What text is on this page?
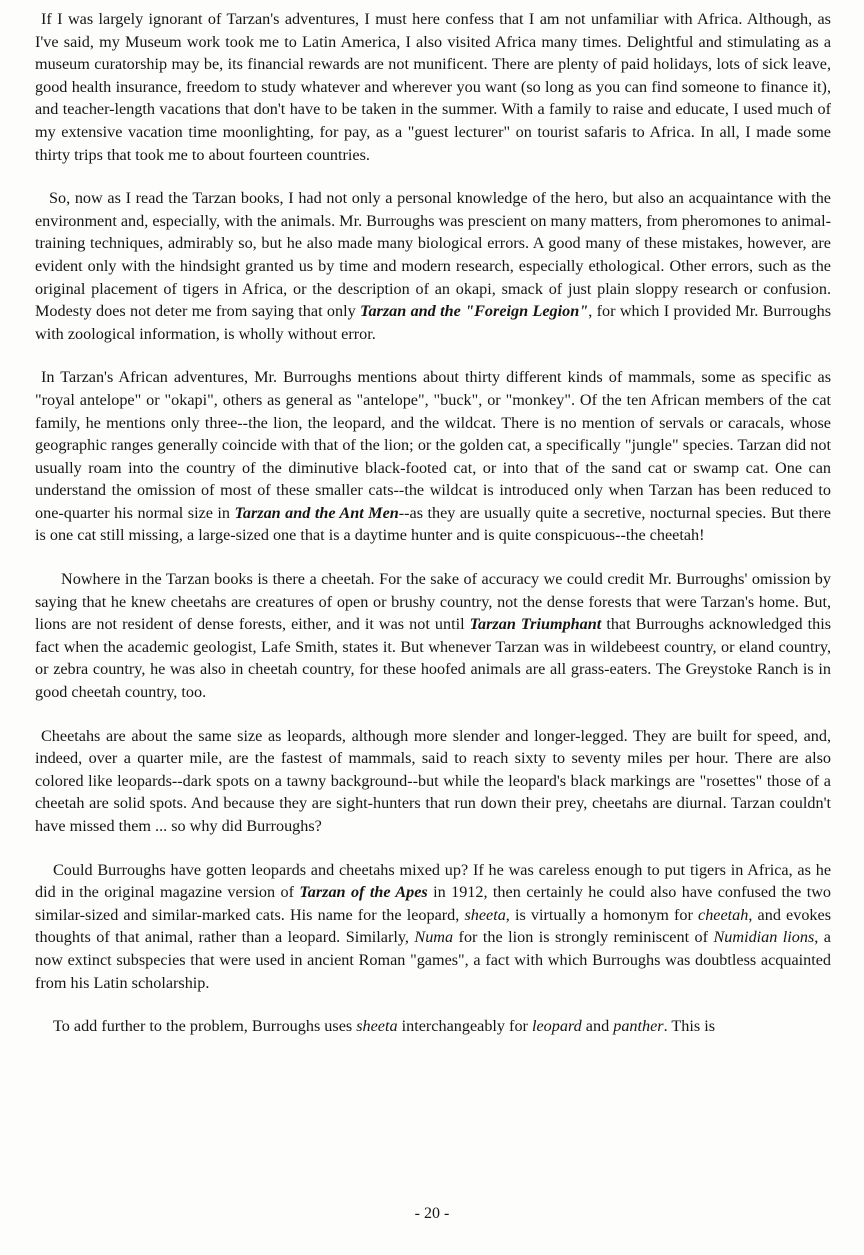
If I was largely ignorant of Tarzan's adventures, I must here confess that I am not unfamiliar with Africa. Although, as I've said, my Museum work took me to Latin America, I also visited Africa many times. Delightful and stimulating as a museum curatorship may be, its financial rewards are not munificent. There are plenty of paid holidays, lots of sick leave, good health insurance, freedom to study whatever and wherever you want (so long as you can find someone to finance it), and teacher-length vacations that don't have to be taken in the summer. With a family to raise and educate, I used much of my extensive vacation time moonlighting, for pay, as a "guest lecturer" on tourist safaris to Africa. In all, I made some thirty trips that took me to about fourteen countries.

So, now as I read the Tarzan books, I had not only a personal knowledge of the hero, but also an acquaintance with the environment and, especially, with the animals. Mr. Burroughs was prescient on many matters, from pheromones to animal-training techniques, admirably so, but he also made many biological errors. A good many of these mistakes, however, are evident only with the hindsight granted us by time and modern research, especially ethological. Other errors, such as the original placement of tigers in Africa, or the description of an okapi, smack of just plain sloppy research or confusion. Modesty does not deter me from saying that only Tarzan and the "Foreign Legion", for which I provided Mr. Burroughs with zoological information, is wholly without error.

In Tarzan's African adventures, Mr. Burroughs mentions about thirty different kinds of mammals, some as specific as "royal antelope" or "okapi", others as general as "antelope", "buck", or "monkey". Of the ten African members of the cat family, he mentions only three--the lion, the leopard, and the wildcat. There is no mention of servals or caracals, whose geographic ranges generally coincide with that of the lion; or the golden cat, a specifically "jungle" species. Tarzan did not usually roam into the country of the diminutive black-footed cat, or into that of the sand cat or swamp cat. One can understand the omission of most of these smaller cats--the wildcat is introduced only when Tarzan has been reduced to one-quarter his normal size in Tarzan and the Ant Men--as they are usually quite a secretive, nocturnal species. But there is one cat still missing, a large-sized one that is a daytime hunter and is quite conspicuous--the cheetah!

Nowhere in the Tarzan books is there a cheetah. For the sake of accuracy we could credit Mr. Burroughs' omission by saying that he knew cheetahs are creatures of open or brushy country, not the dense forests that were Tarzan's home. But, lions are not resident of dense forests, either, and it was not until Tarzan Triumphant that Burroughs acknowledged this fact when the academic geologist, Lafe Smith, states it. But whenever Tarzan was in wildebeest country, or eland country, or zebra country, he was also in cheetah country, for these hoofed animals are all grass-eaters. The Greystoke Ranch is in good cheetah country, too.

Cheetahs are about the same size as leopards, although more slender and longer-legged. They are built for speed, and, indeed, over a quarter mile, are the fastest of mammals, said to reach sixty to seventy miles per hour. There are also colored like leopards--dark spots on a tawny background--but while the leopard's black markings are "rosettes" those of a cheetah are solid spots. And because they are sight-hunters that run down their prey, cheetahs are diurnal. Tarzan couldn't have missed them ... so why did Burroughs?

Could Burroughs have gotten leopards and cheetahs mixed up? If he was careless enough to put tigers in Africa, as he did in the original magazine version of Tarzan of the Apes in 1912, then certainly he could also have confused the two similar-sized and similar-marked cats. His name for the leopard, sheeta, is virtually a homonym for cheetah, and evokes thoughts of that animal, rather than a leopard. Similarly, Numa for the lion is strongly reminiscent of Numidian lions, a now extinct subspecies that were used in ancient Roman "games", a fact with which Burroughs was doubtless acquainted from his Latin scholarship.

To add further to the problem, Burroughs uses sheeta interchangeably for leopard and panther. This is

- 20 -
